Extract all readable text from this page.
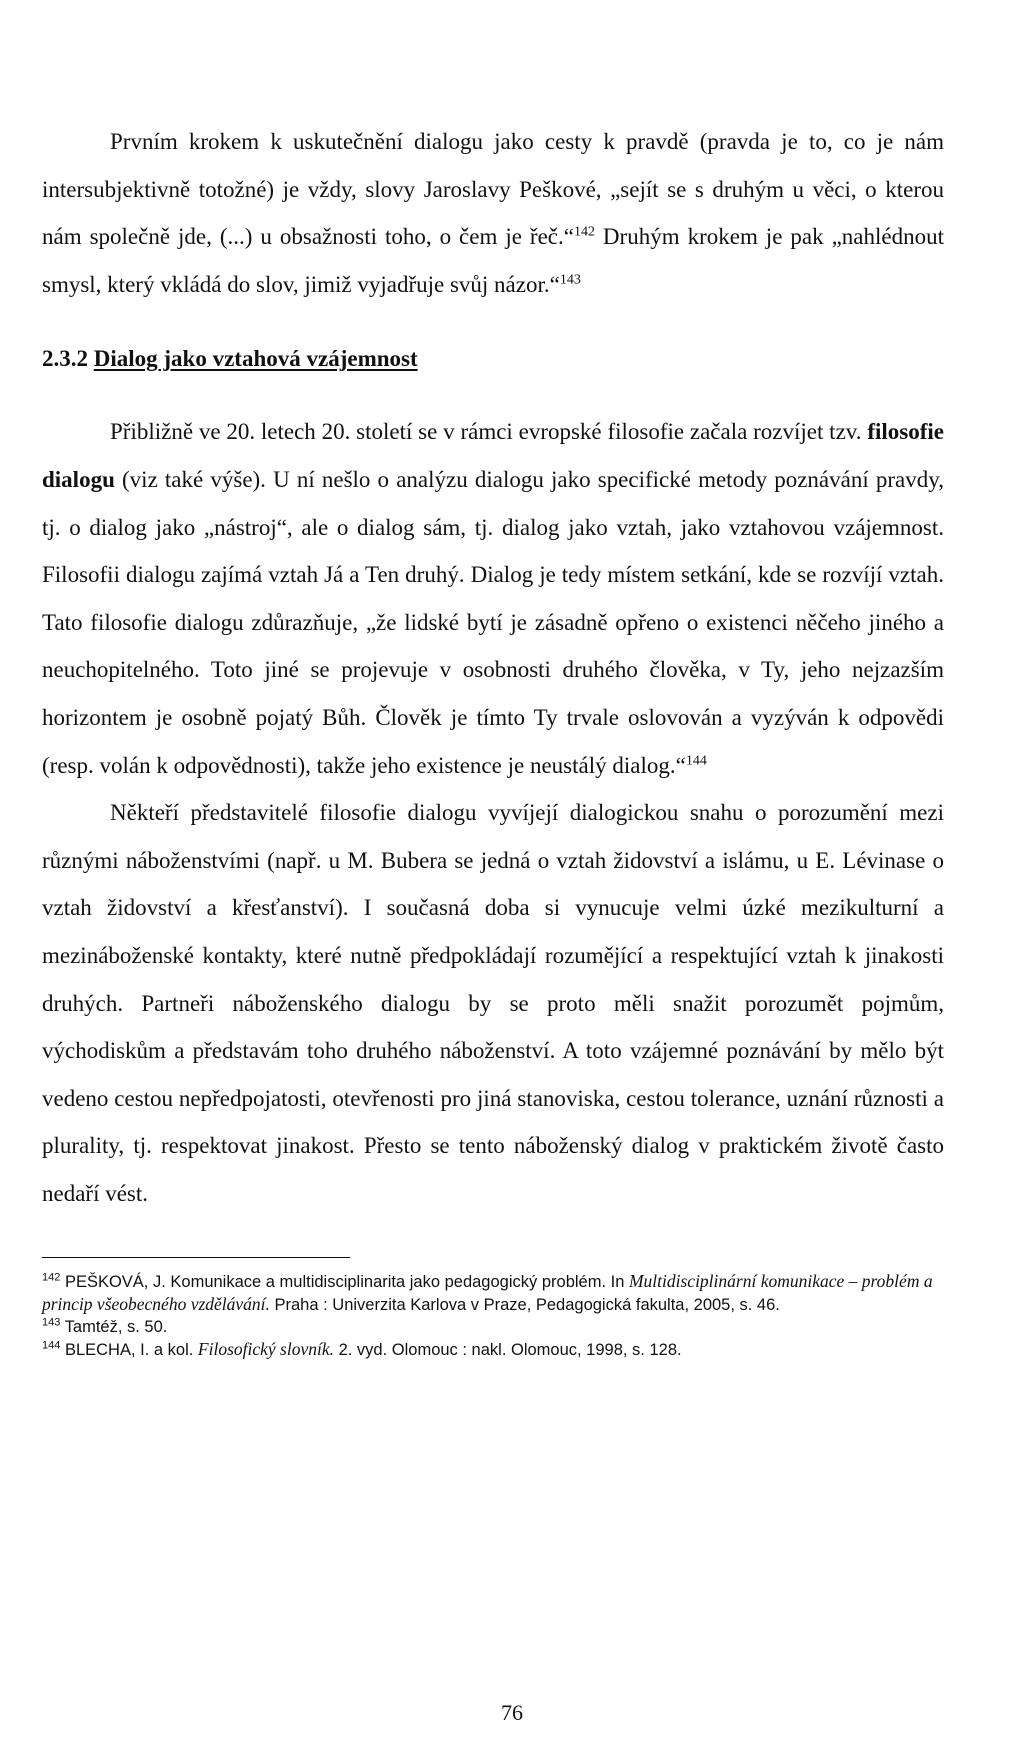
Prvním krokem k uskutečnění dialogu jako cesty k pravdě (pravda je to, co je nám intersubjektivně totožné) je vždy, slovy Jaroslavy Peškové, „sejít se s druhým u věci, o kterou nám společně jde, (...) u obsažnosti toho, o čem je řeč.“$^{142}$ Druhým krokem je pak „nahlédnout smysl, který vkládá do slov, jimiž vyjadřuje svůj názor.“$^{143}$

2.3.2 Dialog jako vztahová vzájemnost

Přibližně ve 20. letech 20. století se v rámci evropské filosofie začala rozvíjet tzv. filosofie dialogu (viz také výše). U ní nešlo o analýzu dialogu jako specifické metody poznávání pravdy, tj. o dialog jako „nástroj“, ale o dialog sám, tj. dialog jako vztah, jako vztahovou vzájemnost. Filosofii dialogu zajímá vztah Já a Ten druhý. Dialog je tedy místem setkání, kde se rozvíjí vztah. Tato filosofie dialogu zdůrazňuje, „že lidské bytí je zásadně opřeno o existenci něčeho jiného a neuchopitelného. Toto jiné se projevuje v osobnosti druhého člověka, v Ty, jeho nejzazším horizontem je osobně pojatý Bůh. Člověk je tímto Ty trvale oslovován a vyzýván k odpovědi (resp. volán k odpovědnosti), takže jeho existence je neustálý dialog.“$^{144}$

Někteří představitelé filosofie dialogu vyvíjejí dialogickou snahu o porozumění mezi různými náboženstvími (např. u M. Bubera se jedná o vztah židovství a islámu, u E. Lévinase o vztah židovství a křesťanství). I současná doba si vynucuje velmi úzké mezikulturní a mezináboženské kontakty, které nutně předpokládají rozumějící a respektující vztah k jinakosti druhých. Partneři náboženského dialogu by se proto měli snažit porozumět pojmům, východiskům a představám toho druhého náboženství. A toto vzájemné poznávání by mělo být vedeno cestou nepředpojatosti, otevřenosti pro jiná stanoviska, cestou tolerance, uznání různosti a plurality, tj. respektovat jinakost. Přesto se tento náboženský dialog v praktickém životě často nedaří vést.

$^{142}$ PEŠKOVÁ, J. Komunikace a multidisciplinarita jako pedagogický problém. In Multidisciplinární komunikace – problém a princip všeobecného vzdělávání. Praha : Univerzita Karlova v Praze, Pedagogická fakulta, 2005, s. 46.

$^{143}$ Tamtéž, s. 50.

$^{144}$ BLECHA, I. a kol. Filosofický slovník. 2. vyd. Olomouc : nakl. Olomouc, 1998, s. 128.

76
